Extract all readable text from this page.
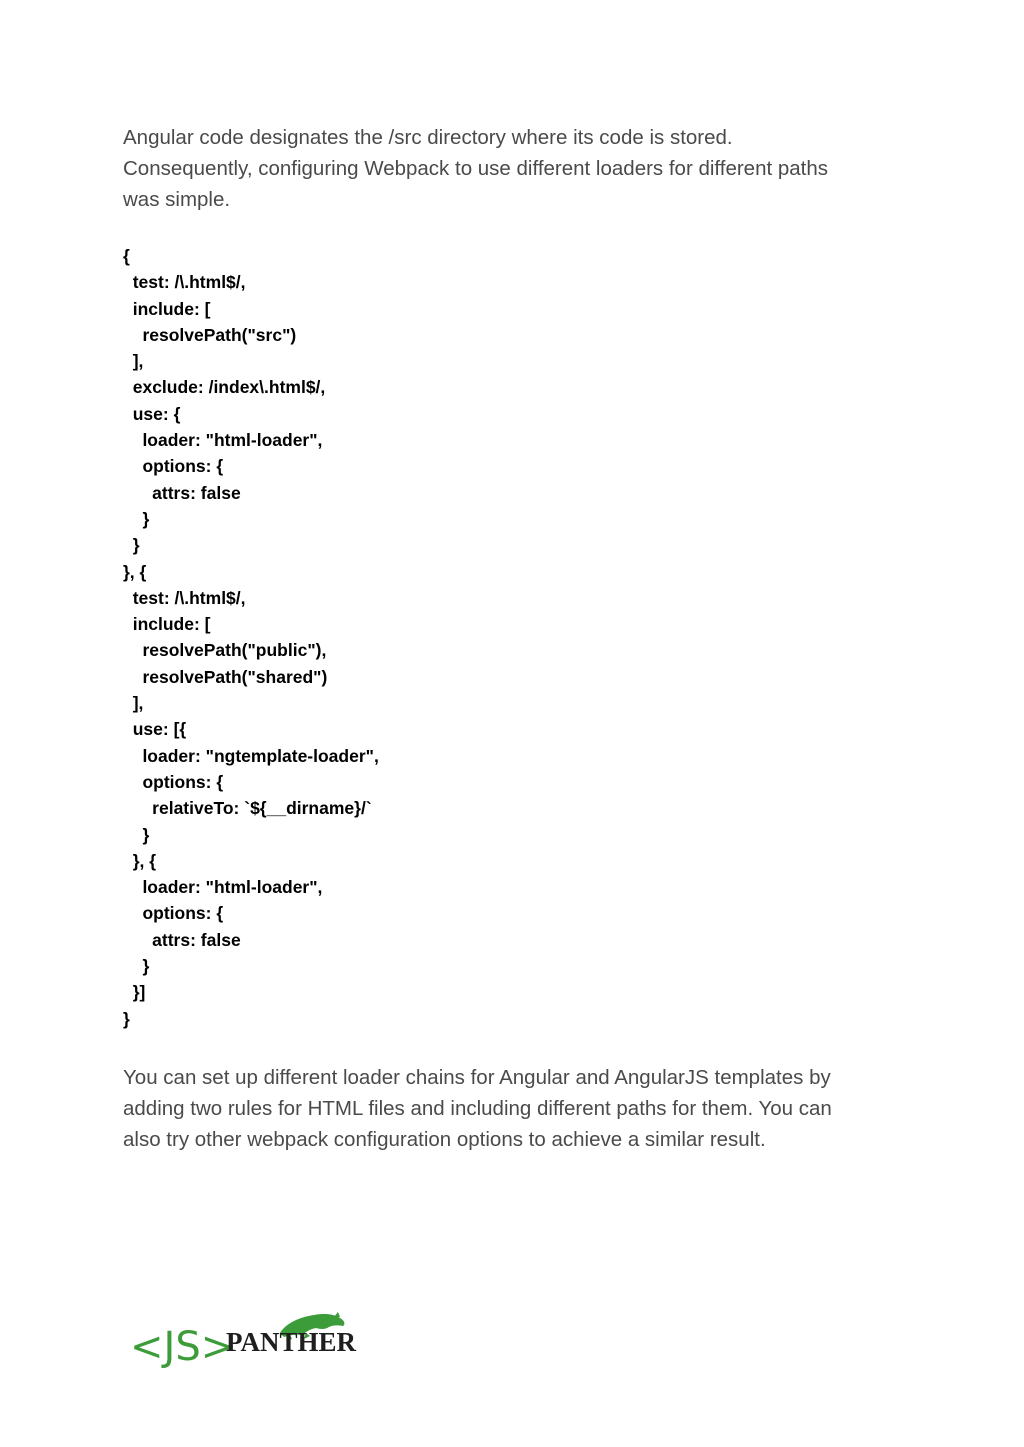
Angular code designates the /src directory where its code is stored.
Consequently, configuring Webpack to use different loaders for different paths
was simple.

{
test: /\.html$/,
include: [
resolvePath("src")
],
exclude: /index\.html$/,
use: {
loader: "html-loader",
options: {
attrs: false
}
}
}, {
test: /\.html$/,
include: [
resolvePath("public"),
resolvePath("shared")
],
use: [{
loader: "ngtemplate-loader",
options: {
relativeTo: `${__dirname}/`
}
}, {
loader: "html-loader",
options: {
attrs: false
}
}]
}

You can set up different loader chains for Angular and AngularJS templates by
adding two rules for HTML files and including different paths for them. You can
also try other webpack configuration options to achieve a similar result.

<JS>
PANTHER
